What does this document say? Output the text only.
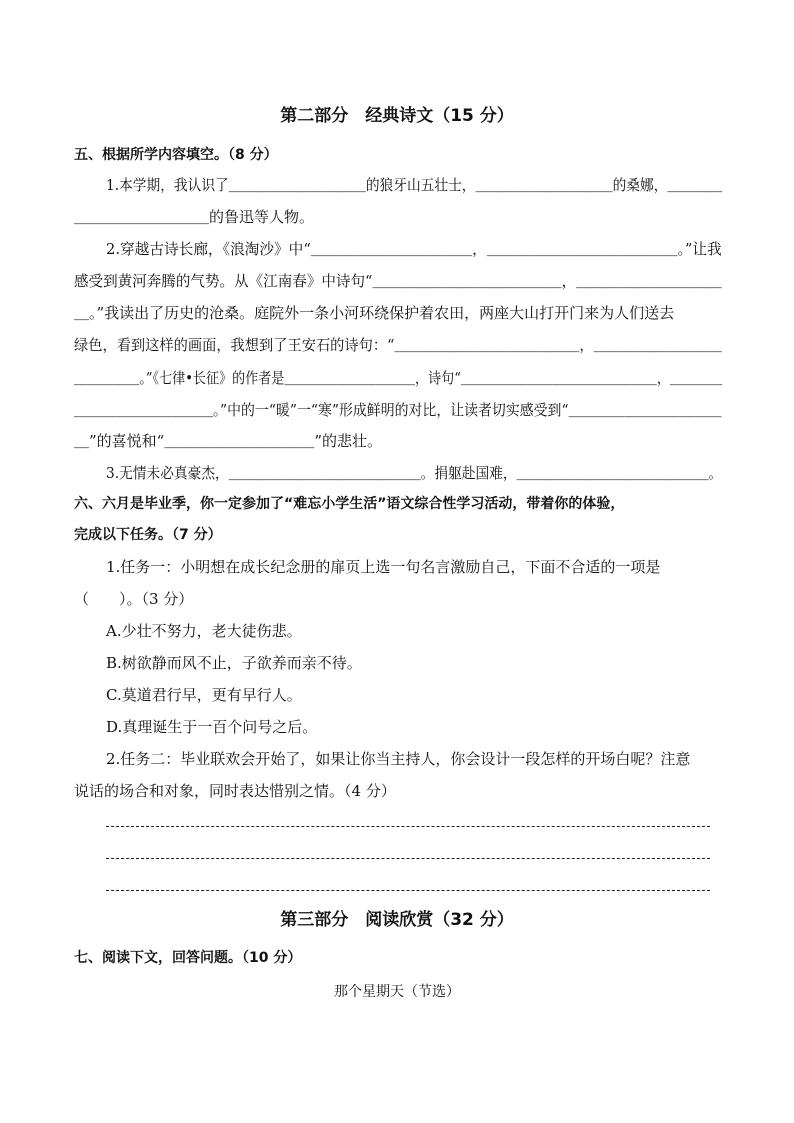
第二部分　经典诗文（15 分）
五、根据所学内容填空。（8 分）
1.本学期，我认识了＿＿＿＿＿＿＿＿＿＿的狼牙山五壮士，＿＿＿＿＿＿＿＿＿＿的桑娜，＿＿＿＿
＿＿＿＿＿＿＿＿＿的鲁迅等人物。
2.穿越古诗长廊，《浪淘沙》中“＿＿＿＿＿＿＿＿＿＿＿，＿＿＿＿＿＿＿＿＿＿＿＿＿。”让我
感受到黄河奔腾的气势。从《江南春》中诗句“＿＿＿＿＿＿＿＿＿＿＿＿＿，＿＿＿＿＿＿＿＿＿＿
＿。”我读出了历史的沧桑。庭院外一条小河环绕保护着农田，两座大山打开门来为人们送去
绿色，看到这样的画面，我想到了王安石的诗句：“＿＿＿＿＿＿＿＿＿＿＿＿＿，＿＿＿＿＿＿＿＿＿
＿＿＿＿＿。”《七律•长征》的作者是＿＿＿＿＿＿＿＿＿＿，诗句“＿＿＿＿＿＿＿＿＿＿＿＿＿＿＿，＿＿＿＿
＿＿＿＿＿＿＿＿＿＿。”中的一“暖”一“寒”形成鲜明的对比，让读者切实感受到“＿＿＿＿＿＿＿＿＿＿＿
＿”的喜悦和“＿＿＿＿＿＿＿＿＿＿”的悲壮。
3.无情未必真豪杰，＿＿＿＿＿＿＿＿＿＿＿＿＿＿。捐躯赴国难，＿＿＿＿＿＿＿＿＿＿＿＿＿＿。
六、六月是毕业季，你一定参加了“难忘小学生活”语文综合性学习活动，带着你的体验，
完成以下任务。（7 分）
1.任务一：小明想在成长纪念册的扉页上选一句名言激励自己，下面不合适的一项是
（　　）。（3 分）
A.少壮不努力，老大徒伤悲。
B.树欲静而风不止，子欲养而亲不待。
C.莫道君行早，更有早行人。
D.真理诞生于一百个问号之后。
2.任务二：毕业联欢会开始了，如果让你当主持人，你会设计一段怎样的开场白呢？注意
说话的场合和对象，同时表达惜别之情。（4 分）
第三部分　阅读欣赏（32 分）
七、阅读下文，回答问题。（10 分）
那个星期天（节选）
